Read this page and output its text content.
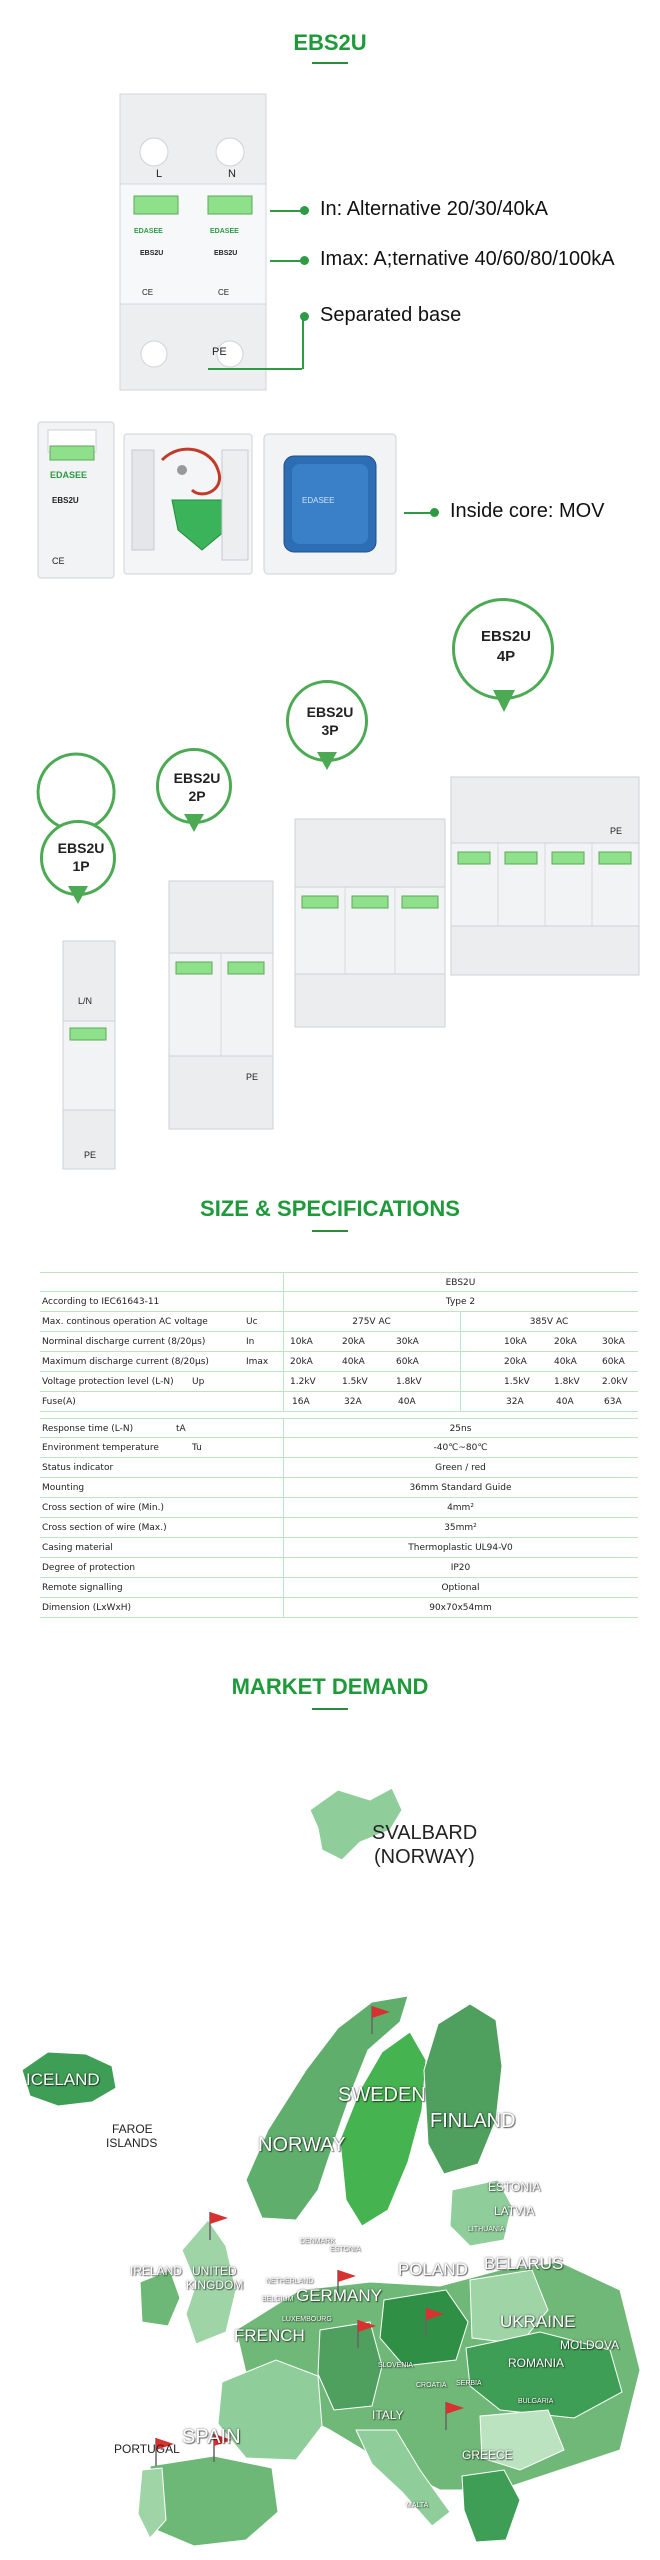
EBS2U
L	N
EDASEE	EDASEE
EBS2U	EBS2U
CE	CE
PE
In: Alternative 20/30/40kA
Imax: A;ternative 40/60/80/100kA
Separated base
EDASEE
EBS2U
CE
EDASEE	Inside core: MOV
EBS2U
1P
EBS2U
2P
EBS2U
3P
EBS2U
4P
L/N
PE
PE
PE
SIZE & SPECIFICATIONS
EBS2U
According to IEC61643-11	Type 2
Max. continous operation AC voltage	Uc	275V AC	385V AC
Norminal discharge current (8/20μs)	In	10kA	20kA	30kA	10kA	20kA	30kA
Maximum discharge current (8/20μs)	Imax 20kA	40kA	60kA	20kA	40kA	60kA
Voltage protection level (L-N) Up	1.2kV	1.5kV	1.8kV	1.5kV	1.8kV 2.0kV
Fuse(A)	16A	32A	40A	32A	40A	63A
Response time (L-N)	tA	25ns
Environment temperature	Tu	-40℃~80℃
Status indicator	Green / red
Mounting	36mm Standard Guide
Cross section of wire (Min.)	4mm²
Cross section of wire (Max.)	35mm²
Casing material	Thermoplastic UL94-V0
Degree of protection	IP20
Remote signalling	Optional
Dimension (LxWxH)	90x70x54mm
MARKET DEMAND
SVALBARD
(NORWAY)
ICELAND
FAROE
ISLANDS
SWEDEN
FINLAND
NORWAY
ESTONIA
LATVIA
LITHUANIA
DENMARK
ESTONIA
IRELAND UNITED
KINGDOM	NETHERLAND
BELGIUM GERMANY
POLAND BELARUS
LUXEMBOURG
FRENCH
UKRAINE
MOLDOVA
ROMANIA
SLOVENIA
CROATIA SERBIA
BULGARIA
ITALY
SPAIN
PORTUGAL	GREECE
MALTA
